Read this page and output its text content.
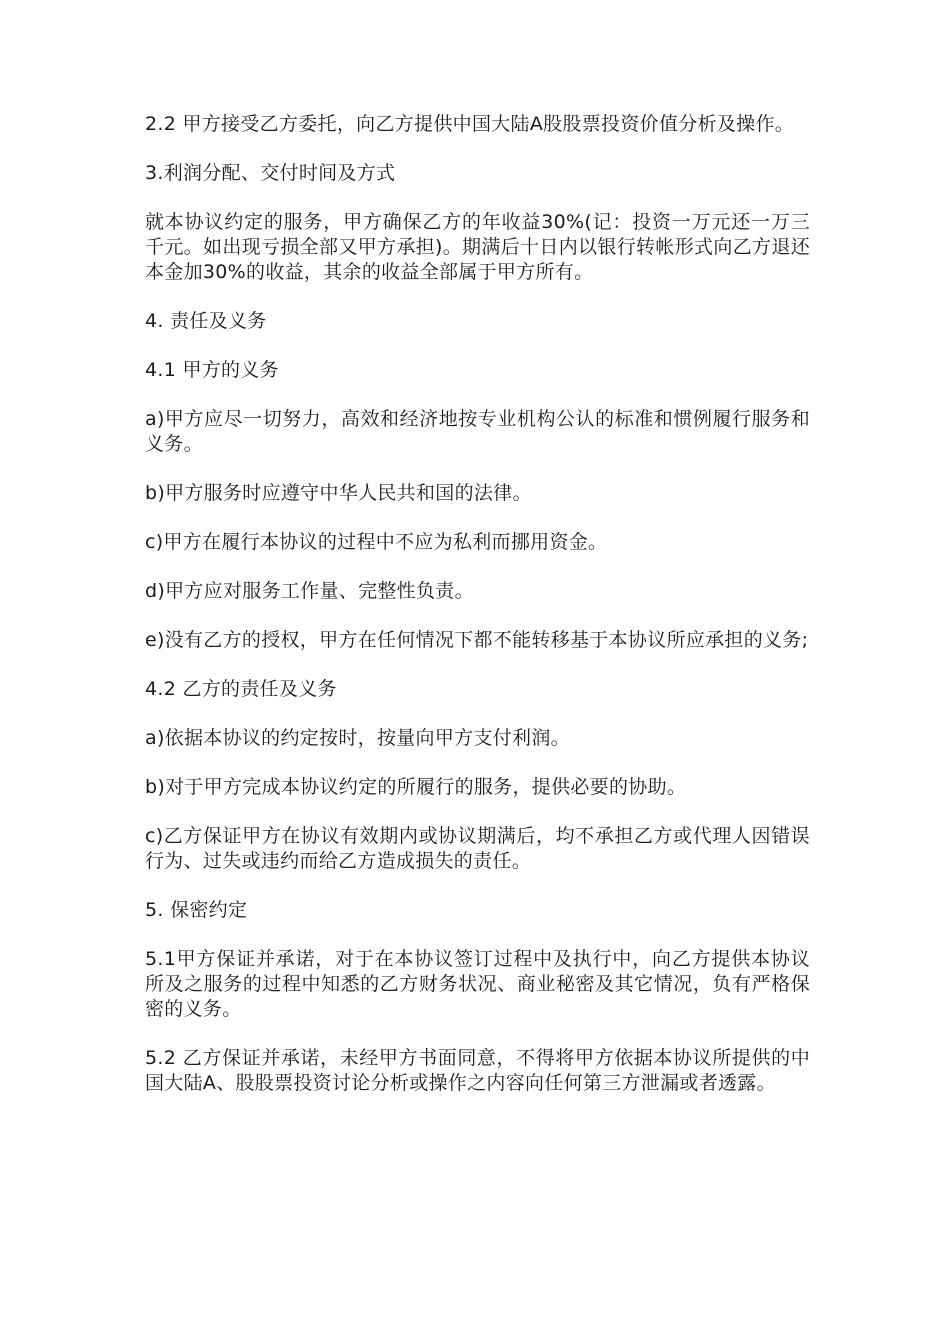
2.2 甲方接受乙方委托，向乙方提供中国大陆A股股票投资价值分析及操作。

3.利润分配、交付时间及方式

就本协议约定的服务，甲方确保乙方的年收益30%(记：投资一万元还一万三千元。如出现亏损全部又甲方承担)。期满后十日内以银行转帐形式向乙方退还本金加30%的收益，其余的收益全部属于甲方所有。

4. 责任及义务

4.1 甲方的义务

a)甲方应尽一切努力，高效和经济地按专业机构公认的标准和惯例履行服务和义务。

b)甲方服务时应遵守中华人民共和国的法律。

c)甲方在履行本协议的过程中不应为私利而挪用资金。

d)甲方应对服务工作量、完整性负责。

e)没有乙方的授权，甲方在任何情况下都不能转移基于本协议所应承担的义务;

4.2 乙方的责任及义务

a)依据本协议的约定按时，按量向甲方支付利润。

b)对于甲方完成本协议约定的所履行的服务，提供必要的协助。

c)乙方保证甲方在协议有效期内或协议期满后，均不承担乙方或代理人因错误行为、过失或违约而给乙方造成损失的责任。

5. 保密约定

5.1甲方保证并承诺，对于在本协议签订过程中及执行中，向乙方提供本协议所及之服务的过程中知悉的乙方财务状况、商业秘密及其它情况，负有严格保密的义务。

5.2 乙方保证并承诺，未经甲方书面同意，不得将甲方依据本协议所提供的中国大陆A、股股票投资讨论分析或操作之内容向任何第三方泄漏或者透露。
